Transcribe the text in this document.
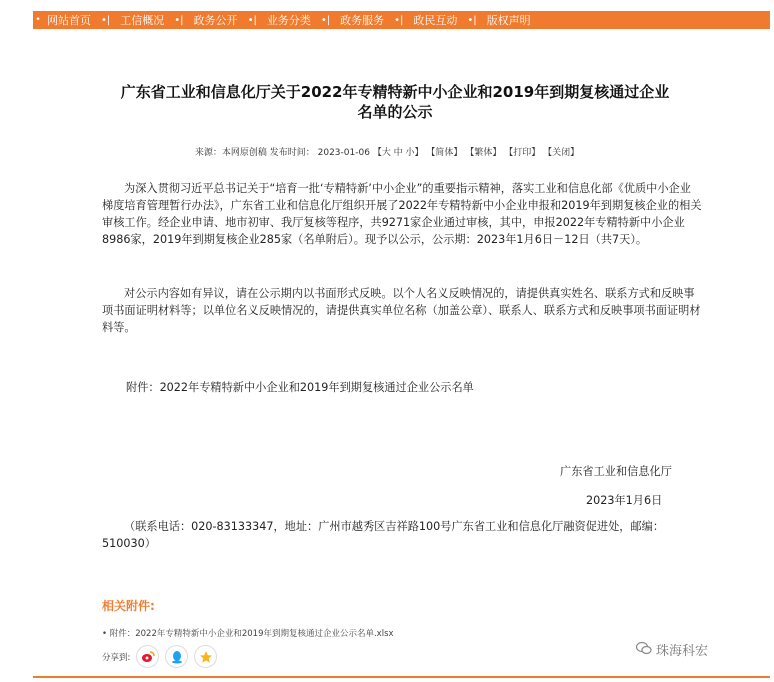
• 网站首页	•| 工信概况	•| 政务公开	•| 业务分类	•| 政务服务	•| 政民互动	•| 版权声明
广东省工业和信息化厅关于2022年专精特新中小企业和2019年到期复核通过企业
名单的公示
来源：本网原创稿 发布时间： 2023-01-06 【大 中 小】 【简体】 【繁体】 【打印】 【关闭】

为深入贯彻习近平总书记关于“培育一批‘专精特新’中小企业”的重要指示精神，落实工业和信息化部《优质中小企业梯度培育管理暂行办法》，广东省工业和信息化厅组织开展了2022年专精特新中小企业申报和2019年到期复核企业的相关审核工作。经企业申请、地市初审、我厅复核等程序，共9271家企业通过审核，其中，申报2022年专精特新中小企业8986家，2019年到期复核企业285家（名单附后）。现予以公示，公示期：2023年1月6日－12日（共7天）。

对公示内容如有异议，请在公示期内以书面形式反映。以个人名义反映情况的，请提供真实姓名、联系方式和反映事项书面证明材料等；以单位名义反映情况的，请提供真实单位名称（加盖公章）、联系人、联系方式和反映事项书面证明材料等。

附件：2022年专精特新中小企业和2019年到期复核通过企业公示名单
广东省工业和信息化厅
2023年1月6日

（联系电话：020-83133347，地址：广州市越秀区吉祥路100号广东省工业和信息化厅融资促进处，邮编：510030）

相关附件:
• 附件：2022年专精特新中小企业和2019年到期复核通过企业公示名单.xlsx
分享到:	珠海科宏
